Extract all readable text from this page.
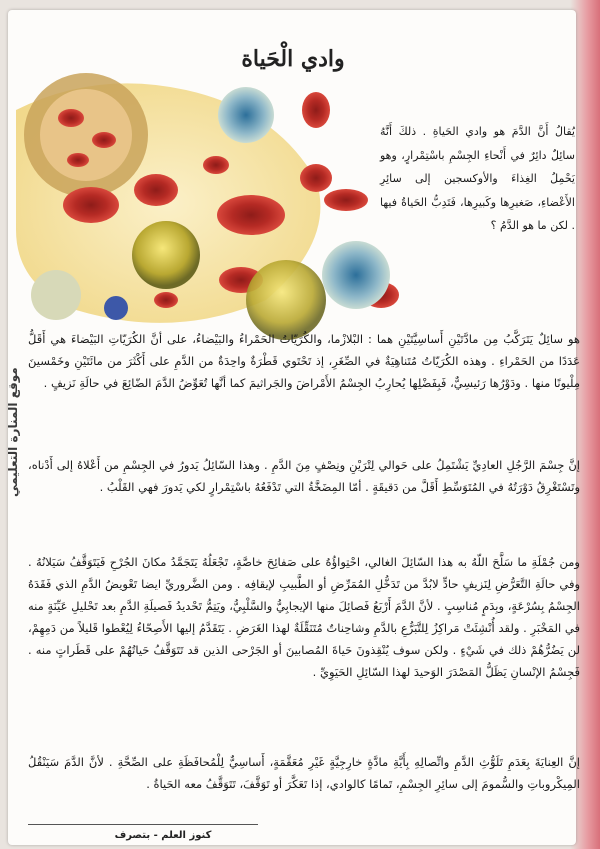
وادي الْحَياة

يُقالُ أَنَّ الدَّمَ هو وادي الحَياةِ . ذلكَ أَنَّهُ سائِلٌ دائِرٌ في أَنْحاءِ الجِسْمِ باسْتِمْرارٍ، وهو يَحْمِلُ الغِذاءَ والأوكسجين إلى سائِرِ الأَعْضاءِ، صَغيرِها وكَبيرِها، فَتَدِبُّ الحَياةُ فيها . لكن ما هو الدَّمُ ؟

موقع المنارة التعليمي

هو سائِلٌ يَتَرَكَّبُ مِن مادَّتَيْنِ أَساسِيَّتَيْنِ هما : البْلازْما، والكُرَيّاتُ الحَمْراءُ والبَيْضاءُ، على أنَّ الكُرَيّاتِ البَيْضاءَ هي أَقَلُّ عَدَدًا من الحَمْراءِ . وهذه الكُرَيّاتُ مُتَناهِيَةٌ في الصِّغَرِ، إذ تَحْتَوي قَطْرَةٌ واحِدَةٌ من الدَّمِ على أَكْثَرَ من مائَتَيْنِ وخَمْسينَ مِلْيونًا منها . ودَوْرُها رَئيسِيٌّ، فَبِفَضْلِها يُحارِبُ الجِسْمُ الأَمْراضَ والجَراثيمَ كما أنَّها تُعَوِّضُ الدَّمَ الضّائِعَ في حالَةِ نَزيفٍ .

إنَّ جِسْمَ الرَّجُلِ العادِيِّ يَشْتَمِلُ على حَوالي لِتْرَيْنِ ونِصْفٍ مِنَ الدَّمِ . وهذا السّائِلُ يَدورُ في الجِسْمِ من أَعْلاهُ إلى أَدْناه، وتَسْتَغْرِقُ دَوْرَتُهُ في المُتَوَسِّطِ أَقَلَّ من دَقيقَةٍ . أمّا المِضَخَّةُ التي تَدْفَعُهُ باسْتِمْرارٍ لكي يَدورَ فهي القَلْبُ .

ومن جُمْلَةِ ما سَلَّحَ اللّهُ به هذا السّائِلَ الغالي، احْتِواؤُهُ على صَفائِحَ خاصَّةٍ، تَجْعَلُهُ يَتَجَمَّدُ مكانَ الجُرْحِ فَيَتَوَقَّفُ سَيَلانُهُ . وفي حالَةِ التَّعَرُّضِ لِنَزيفٍ حادٍّ لابُدَّ من تَدَخُّلِ المُمَرِّضِ أو الطَّبيبِ لإيقافِه . ومن الضَّروريِّ ايضا تَعْويضُ الدَّمِ الذي فَقَدَهُ الجِسْمُ بِسُرْعَةٍ، وبِدَمٍ مُناسِبٍ . لأنَّ الدَّمَ أَرْبَعُ فَصائِلَ منها الإيجابِيُّ والسَّلْبِيُّ، ويَتِمُّ تَحْديدُ فَصيلَةِ الدَّمِ بعد تَحْليلِ عَيِّنَةٍ منه في المَخْبَرِ . ولقد أُنْشِئَتْ مَراكِزُ لِلتَّبَرُّعِ بالدَّمِ وشاحِناتٌ مُتَنَقِّلَةٌ لهذا الغَرَضِ . يَتَقَدَّمُ إليها الأَصِحّاءُ لِيُعْطوا قَليلاً من دَمِهِمْ، لن يَضُرُّهُمْ ذلك في شَيْءٍ . ولكن سوف يُنْقِذونَ حَياةَ المُصابينَ أو الجَرْحى الذين قد تَتَوَقَّفُ حَياتُهُمْ على قَطَراتٍ منه . فَجِسْمُ الإنْسانِ يَظَلُّ المَصْدَرَ الوَحيدَ لهذا السّائِلِ الحَيَوِيِّ .

إنَّ العِنايَةَ بِعَدَمِ تَلَوُّثِ الدَّمِ واتِّصالِهِ بِأَيَّةِ مادَّةٍ خارِجِيَّةٍ غَيْرِ مُعَقَّمَةٍ، أَساسِيٌّ لِلْمُحافَظَةِ على الصِّحَّةِ . لأنَّ الدَّمَ سَيَنْقُلُ المِيكْروباتِ والسُّمومَ إلى سائِرِ الجِسْمِ، تَمامًا كالوادي، إذا تَعَكَّرَ أو تَوَقَّفَ، تَتَوَقَّفُ معه الحَياةُ .

كنوز العلم - بتصرف
